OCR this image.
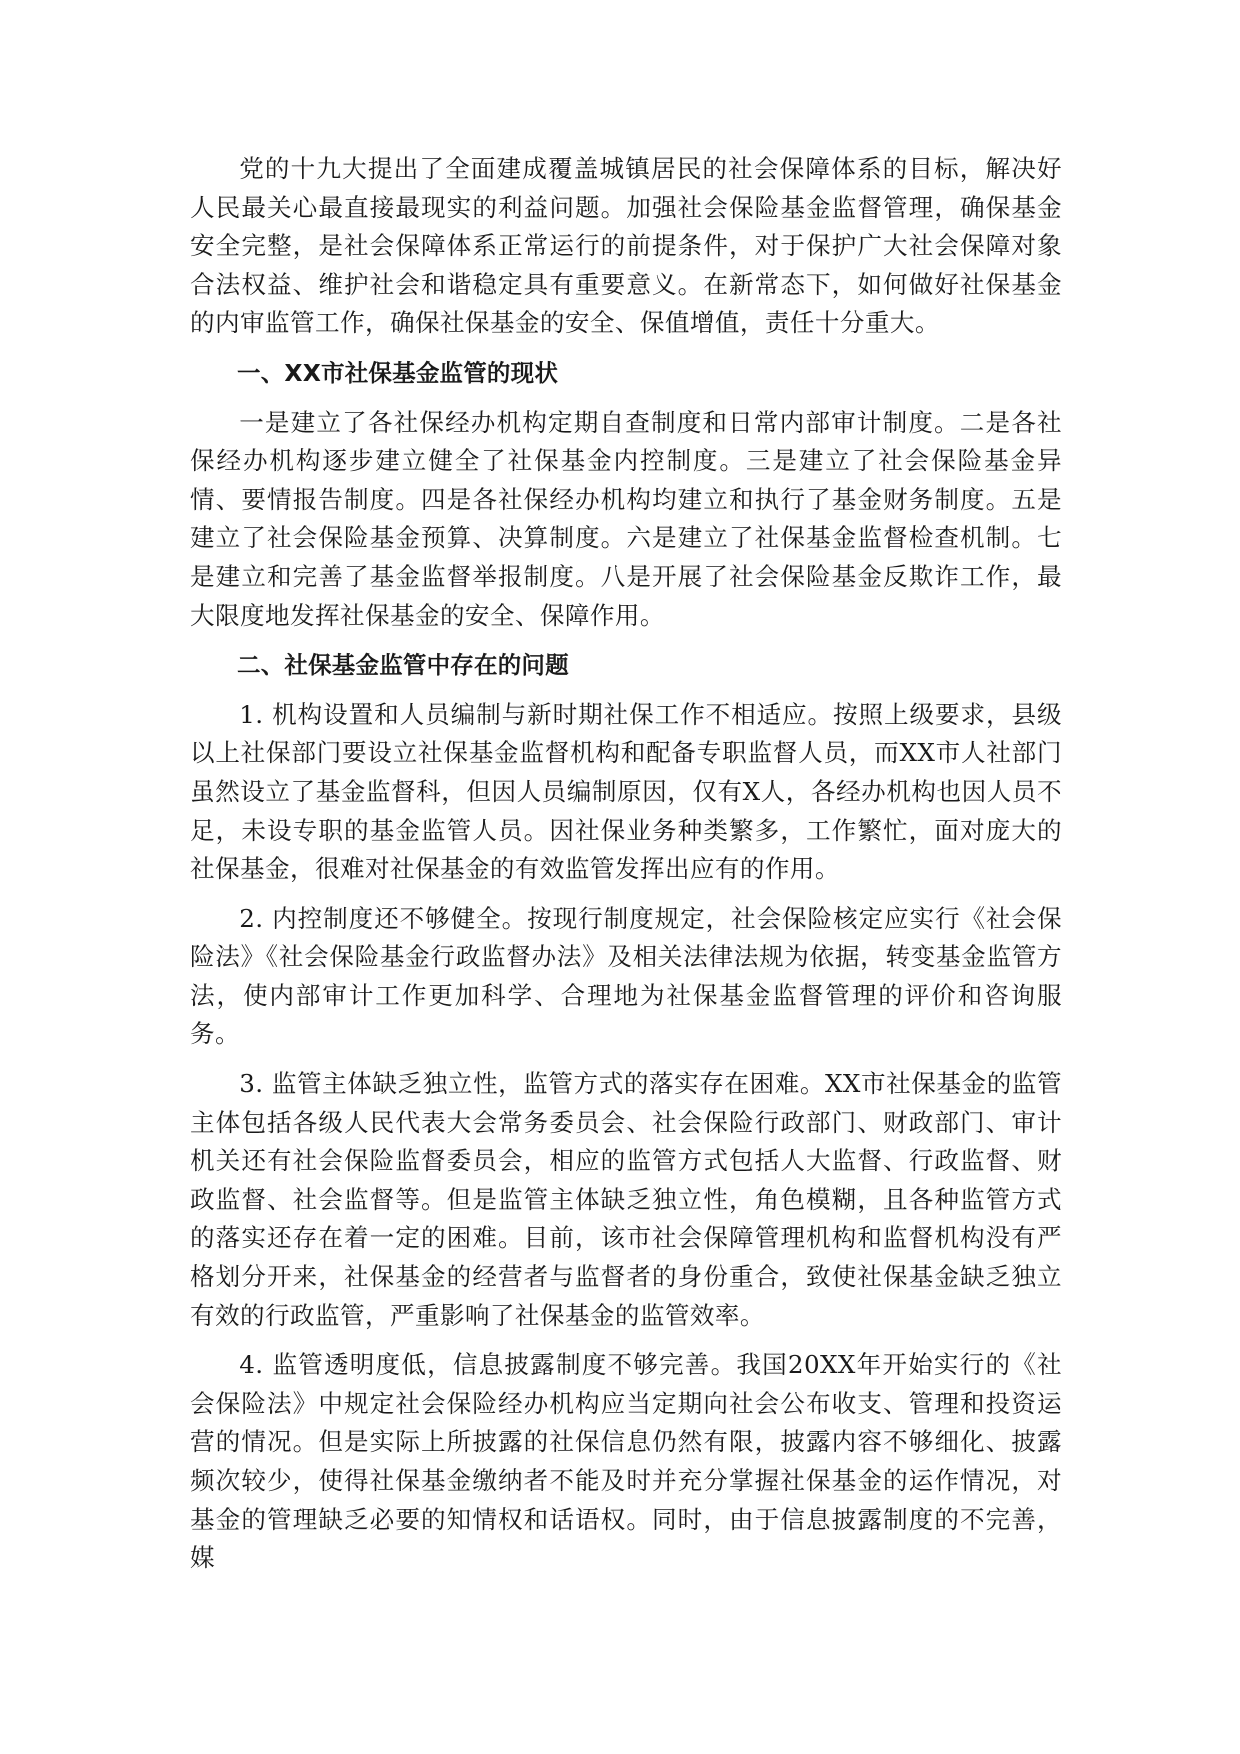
党的十九大提出了全面建成覆盖城镇居民的社会保障体系的目标，解决好人民最关心最直接最现实的利益问题。加强社会保险基金监督管理，确保基金安全完整，是社会保障体系正常运行的前提条件，对于保护广大社会保障对象合法权益、维护社会和谐稳定具有重要意义。在新常态下，如何做好社保基金的内审监管工作，确保社保基金的安全、保值增值，责任十分重大。

一、XX市社保基金监管的现状

一是建立了各社保经办机构定期自查制度和日常内部审计制度。二是各社保经办机构逐步建立健全了社保基金内控制度。三是建立了社会保险基金异情、要情报告制度。四是各社保经办机构均建立和执行了基金财务制度。五是建立了社会保险基金预算、决算制度。六是建立了社保基金监督检查机制。七是建立和完善了基金监督举报制度。八是开展了社会保险基金反欺诈工作，最大限度地发挥社保基金的安全、保障作用。

二、社保基金监管中存在的问题

1. 机构设置和人员编制与新时期社保工作不相适应。按照上级要求，县级以上社保部门要设立社保基金监督机构和配备专职监督人员，而XX市人社部门虽然设立了基金监督科，但因人员编制原因，仅有X人，各经办机构也因人员不足，未设专职的基金监管人员。因社保业务种类繁多，工作繁忙，面对庞大的社保基金，很难对社保基金的有效监管发挥出应有的作用。

2. 内控制度还不够健全。按现行制度规定，社会保险核定应实行《社会保险法》《社会保险基金行政监督办法》及相关法律法规为依据，转变基金监管方法，使内部审计工作更加科学、合理地为社保基金监督管理的评价和咨询服务。

3. 监管主体缺乏独立性，监管方式的落实存在困难。XX市社保基金的监管主体包括各级人民代表大会常务委员会、社会保险行政部门、财政部门、审计机关还有社会保险监督委员会，相应的监管方式包括人大监督、行政监督、财政监督、社会监督等。但是监管主体缺乏独立性，角色模糊，且各种监管方式的落实还存在着一定的困难。目前，该市社会保障管理机构和监督机构没有严格划分开来，社保基金的经营者与监督者的身份重合，致使社保基金缺乏独立有效的行政监管，严重影响了社保基金的监管效率。

4. 监管透明度低，信息披露制度不够完善。我国20XX年开始实行的《社会保险法》中规定社会保险经办机构应当定期向社会公布收支、管理和投资运营的情况。但是实际上所披露的社保信息仍然有限，披露内容不够细化、披露频次较少，使得社保基金缴纳者不能及时并充分掌握社保基金的运作情况，对基金的管理缺乏必要的知情权和话语权。同时，由于信息披露制度的不完善，媒
